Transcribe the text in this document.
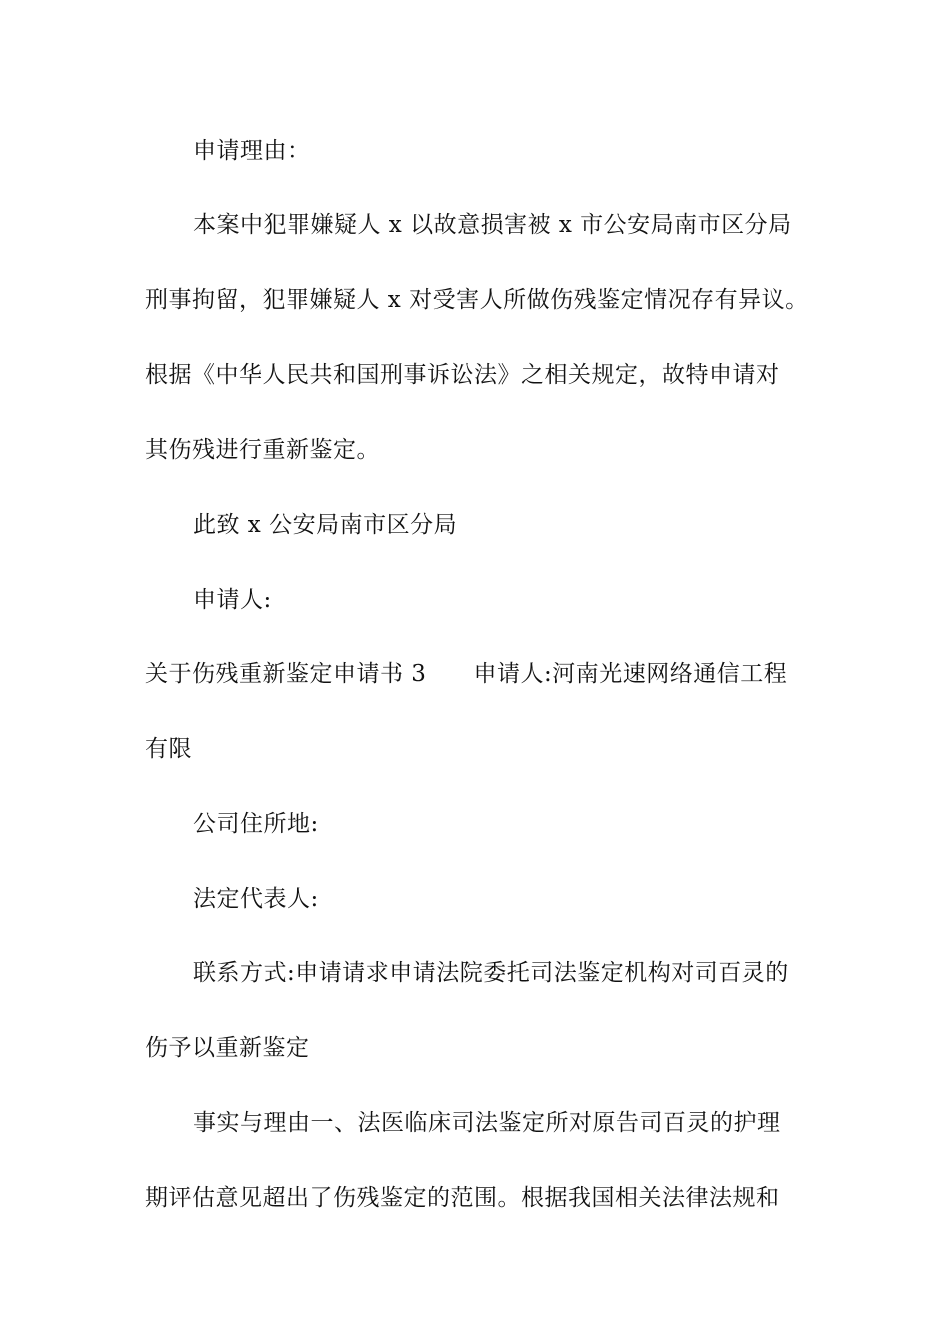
申请理由：
本案中犯罪嫌疑人 x 以故意损害被 x 市公安局南市区分局
刑事拘留，犯罪嫌疑人 x 对受害人所做伤残鉴定情况存有异议。
根据《中华人民共和国刑事诉讼法》之相关规定，故特申请对
其伤残进行重新鉴定。
此致 x 公安局南市区分局
申请人:
关于伤残重新鉴定申请书 3　　申请人:河南光速网络通信工程
有限
公司住所地:
法定代表人:
联系方式:申请请求申请法院委托司法鉴定机构对司百灵的
伤予以重新鉴定
事实与理由一、法医临床司法鉴定所对原告司百灵的护理
期评估意见超出了伤残鉴定的范围。根据我国相关法律法规和
